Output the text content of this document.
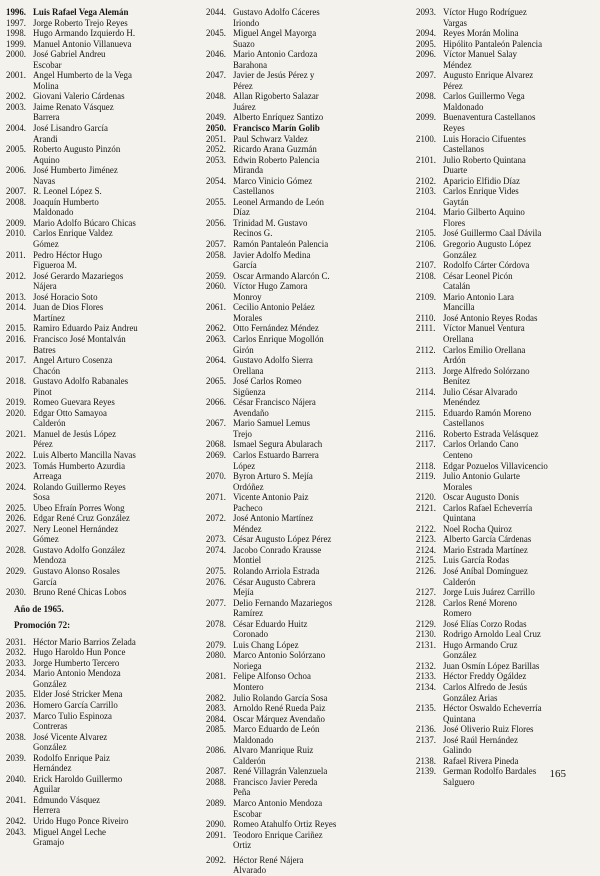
1996. Luis Rafael Vega Alemán
1997. Jorge Roberto Trejo Reyes
1998. Hugo Armando Izquierdo H.
1999. Manuel Antonio Villanueva
2000. José Gabriel Andreu
Escobar
2001. Angel Humberto de la Vega
Molina
2002. Giovani Valerio Cárdenas
2003. Jaime Renato Vásquez
Barrera
2004. José Lisandro García
Arandi
2005. Roberto Augusto Pinzón
Aquino
2006. José Humberto Jiménez
Navas
2007. R. Leonel López S.
2008. Joaquín Humberto
Maldonado
2009. Mario Adolfo Búcaro Chicas
2010. Carlos Enrique Valdez
Gómez
2011. Pedro Héctor Hugo
Figueroa M.
2012. José Gerardo Mazariegos
Nájera
2013. José Horacio Soto
2014. Juan de Dios Flores
Martínez
2015. Ramiro Eduardo Paiz Andreu
2016. Francisco José Montalván
Batres
2017. Angel Arturo Cosenza
Chacón
2018. Gustavo Adolfo Rabanales
Pinot
2019. Romeo Guevara Reyes
2020. Edgar Otto Samayoa
Calderón
2021. Manuel de Jesús López
Pérez
2022. Luis Alberto Mancilla Navas
2023. Tomás Humberto Azurdia
Arreaga
2024. Rolando Guillermo Reyes
Sosa
2025. Ubeo Efraín Porres Wong
2026. Edgar René Cruz González
2027. Nery Leonel Hernández
Gómez
2028. Gustavo Adolfo González
Mendoza
2029. Gustavo Alonso Rosales
García
2030. Bruno René Chicas Lobos
Año de 1965.
Promoción 72:
2031. Héctor Mario Barrios Zelada
2032. Hugo Haroldo Hun Ponce
2033. Jorge Humberto Tercero
2034. Mario Antonio Mendoza
González
2035. Elder José Stricker Mena
2036. Homero García Carrillo
2037. Marco Tulio Espinoza
Contreras
2038. José Vicente Alvarez
González
2039. Rodolfo Enrique Paiz
Hernández
2040. Erick Haroldo Guillermo
Aguilar
2041. Edmundo Vásquez
Herrera
2042. Urido Hugo Ponce Riveiro
2043. Miguel Angel Leche
Gramajo
2044. Gustavo Adolfo Cáceres
Iriondo
2045. Miguel Angel Mayorga
Suazo
2046. Mario Antonio Cardoza
Barahona
2047. Javier de Jesús Pérez y
Pérez
2048. Allan Rigoberto Salazar
Juárez
2049. Alberto Enríquez Santizo
2050. Francisco Marín Golib
2051. Paul Schwarz Valdez
2052. Ricardo Arana Guzmán
2053. Edwin Roberto Palencia
Miranda
2054. Marco Vinicio Gómez
Castellanos
2055. Leonel Armando de León
Díaz
2056. Trinidad M. Gustavo
Recinos G.
2057. Ramón Pantaleón Palencia
2058. Javier Adolfo Medina
García
2059. Oscar Armando Alarcón C.
2060. Víctor Hugo Zamora
Monroy
2061. Cecilio Antonio Peláez
Morales
2062. Otto Fernández Méndez
2063. Carlos Enrique Mogollón
Girón
2064. Gustavo Adolfo Sierra
Orellana
2065. José Carlos Romeo
Sigüenza
2066. César Francisco Nájera
Avendaño
2067. Mario Samuel Lemus
Trejo
2068. Ismael Segura Abularach
2069. Carlos Estuardo Barrera
López
2070. Byron Arturo S. Mejía
Ordóñez
2071. Vicente Antonio Paiz
Pacheco
2072. José Antonio Martínez
Méndez
2073. César Augusto López Pérez
2074. Jacobo Conrado Krausse
Montiel
2075. Rolando Arriola Estrada
2076. César Augusto Cabrera
Mejía
2077. Delio Fernando Mazariegos
Ramírez
2078. César Eduardo Huitz
Coronado
2079. Luis Chang López
2080. Marco Antonio Solórzano
Noriega
2081. Felipe Alfonso Ochoa
Montero
2082. Julio Rolando García Sosa
2083. Arnoldo René Rueda Paiz
2084. Oscar Márquez Avendaño
2085. Marco Eduardo de León
Maldonado
2086. Alvaro Manrique Ruiz
Calderón
2087. René Villagrán Valenzuela
2088. Francisco Javier Pereda
Peña
2089. Marco Antonio Mendoza
Escobar
2090. Romeo Atahulfo Ortiz Reyes
2091. Teodoro Enrique Cariñez
Ortiz
2092. Héctor René Nájera
Alvarado
2093. Víctor Hugo Rodríguez
Vargas
2094. Reyes Morán Molina
2095. Hipólito Pantaleón Palencia
2096. Víctor Manuel Salay
Méndez
2097. Augusto Enrique Alvarez
Pérez
2098. Carlos Guillermo Vega
Maldonado
2099. Buenaventura Castellanos
Reyes
2100. Luis Horacio Cifuentes
Castellanos
2101. Julio Roberto Quintana
Duarte
2102. Aparicio Elfidio Díaz
2103. Carlos Enrique Vides
Gaytán
2104. Mario Gilberto Aquino
Flores
2105. José Guillermo Caal Dávila
2106. Gregorio Augusto López
González
2107. Rodolfo Cárter Córdova
2108. César Leonel Picón
Catalán
2109. Mario Antonio Lara
Mancilla
2110. José Antonio Reyes Rodas
2111. Víctor Manuel Ventura
Orellana
2112. Carlos Emilio Orellana
Ardón
2113. Jorge Alfredo Solórzano
Benítez
2114. Julio César Alvarado
Menéndez
2115. Eduardo Ramón Moreno
Castellanos
2116. Roberto Estrada Velásquez
2117. Carlos Orlando Cano
Centeno
2118. Edgar Pozuelos Villavicencio
2119. Julio Antonio Gularte
Morales
2120. Oscar Augusto Donis
2121. Carlos Rafael Echeverría
Quintana
2122. Noel Rocha Quiroz
2123. Alberto García Cárdenas
2124. Mario Estrada Martínez
2125. Luis García Rodas
2126. José Aníbal Domínguez
Calderón
2127. Jorge Luis Juárez Carrillo
2128. Carlos René Moreno
Romero
2129. José Elías Corzo Rodas
2130. Rodrigo Arnoldo Leal Cruz
2131. Hugo Armando Cruz
González
2132. Juan Osmín López Barillas
2133. Héctor Freddy Ogáldez
2134. Carlos Alfredo de Jesús
González Arias
2135. Héctor Oswaldo Echeverría
Quintana
2136. José Oliverio Ruiz Flores
2137. José Raúl Hernández
Galindo
2138. Rafael Rivera Pineda
2139. German Rodolfo Bardales
Salguero
165
